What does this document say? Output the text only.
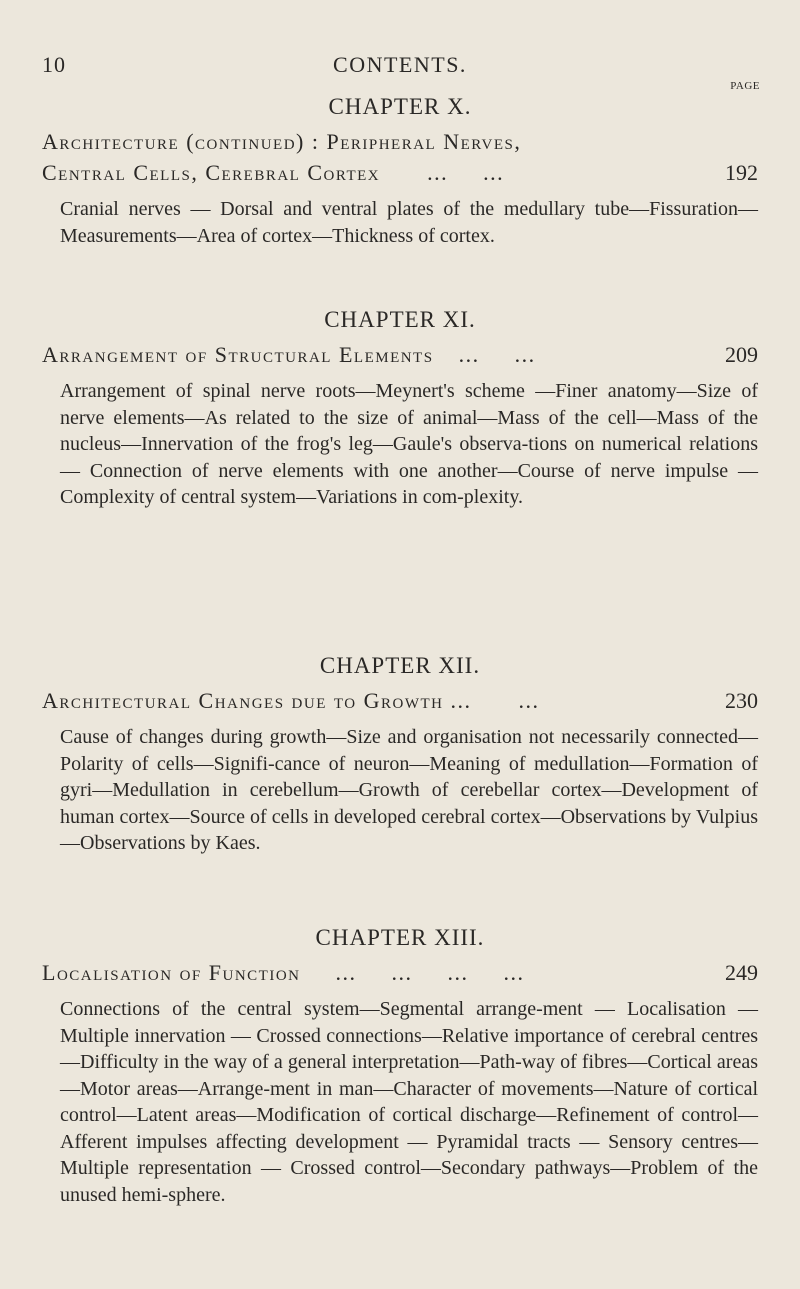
10	CONTENTS.
PAGE
CHAPTER X.
Architecture (continued) : Peripheral Nerves,
Central Cells, Cerebral Cortex ...     ...	192

Cranial nerves — Dorsal and ventral plates of the medullary tube—Fissuration—Measurements—Area of cortex—Thickness of cortex.

CHAPTER XI.
Arrangement of Structural Elements ...     ...	209

Arrangement of spinal nerve roots—Meynert's scheme —Finer anatomy—Size of nerve elements—As related to the size of animal—Mass of the cell—Mass of the nucleus—Innervation of the frog's leg—Gaule's observa-tions on numerical relations — Connection of nerve elements with one another—Course of nerve impulse —Complexity of central system—Variations in com-plexity.

CHAPTER XII.
Architectural Changes due to Growth ... ...	230

Cause of changes during growth—Size and organisation not necessarily connected—Polarity of cells—Signifi-cance of neuron—Meaning of medullation—Formation of gyri—Medullation in cerebellum—Growth of cerebellar cortex—Development of human cortex—Source of cells in developed cerebral cortex—Observations by Vulpius —Observations by Kaes.

CHAPTER XIII.
Localisation of Function ...     ...     ...     ...	249

Connections of the central system—Segmental arrange-ment — Localisation — Multiple innervation — Crossed connections—Relative importance of cerebral centres—Difficulty in the way of a general interpretation—Path-way of fibres—Cortical areas—Motor areas—Arrange-ment in man—Character of movements—Nature of cortical control—Latent areas—Modification of cortical discharge—Refinement of control—Afferent impulses affecting development — Pyramidal tracts — Sensory centres—Multiple representation — Crossed control—Secondary pathways—Problem of the unused hemi-sphere.
